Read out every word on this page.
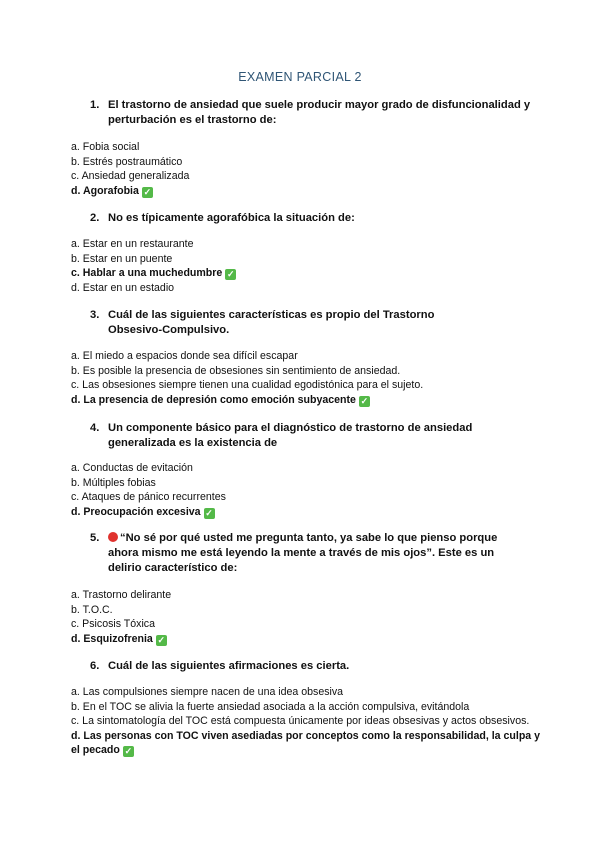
EXAMEN PARCIAL 2
1. El trastorno de ansiedad que suele producir mayor grado de disfuncionalidad y perturbación es el trastorno de:
a. Fobia social
b. Estrés postraumático
c. Ansiedad generalizada
d. Agorafobia ✓
2. No es típicamente agorafóbica la situación de:
a. Estar en un restaurante
b. Estar en un puente
c. Hablar a una muchedumbre ✓
d. Estar en un estadio
3. Cuál de las siguientes características es propio del Trastorno Obsesivo-Compulsivo.
a. El miedo a espacios donde sea difícil escapar
b. Es posible la presencia de obsesiones sin sentimiento de ansiedad.
c. Las obsesiones siempre tienen una cualidad egodistónica para el sujeto.
d. La presencia de depresión como emoción subyacente ✓
4. Un componente básico para el diagnóstico de trastorno de ansiedad generalizada es la existencia de
a. Conductas de evitación
b. Múltiples fobias
c. Ataques de pánico recurrentes
d. Preocupación excesiva ✓
5.	“No sé por qué usted me pregunta tanto, ya sabe lo que pienso porque ahora mismo me está leyendo la mente a través de mis ojos”. Este es un delirio característico de:
a. Trastorno delirante
b. T.O.C.
c. Psicosis Tóxica
d. Esquizofrenia ✓
6. Cuál de las siguientes afirmaciones es cierta.
a. Las compulsiones siempre nacen de una idea obsesiva
b. En el TOC se alivia la fuerte ansiedad asociada a la acción compulsiva, evitándola
c. La sintomatología del TOC está compuesta únicamente por ideas obsesivas y actos obsesivos.
d. Las personas con TOC viven asediadas por conceptos como la responsabilidad, la culpa y el pecado ✓
